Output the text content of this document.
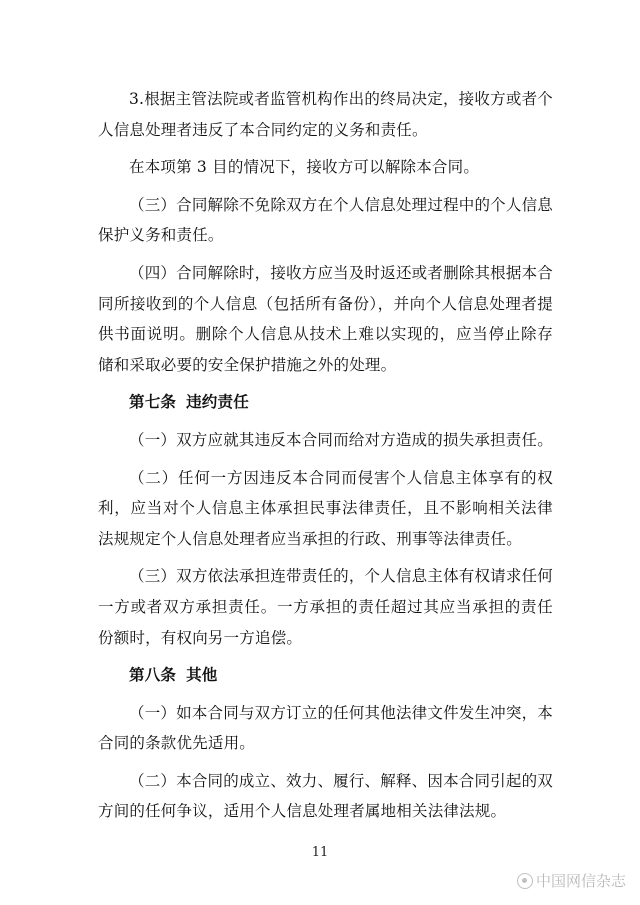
3.根据主管法院或者监管机构作出的终局决定，接收方或者个人信息处理者违反了本合同约定的义务和责任。

在本项第 3 目的情况下，接收方可以解除本合同。

（三）合同解除不免除双方在个人信息处理过程中的个人信息保护义务和责任。

（四）合同解除时，接收方应当及时返还或者删除其根据本合同所接收到的个人信息（包括所有备份），并向个人信息处理者提供书面说明。删除个人信息从技术上难以实现的，应当停止除存储和采取必要的安全保护措施之外的处理。

第七条 违约责任

（一）双方应就其违反本合同而给对方造成的损失承担责任。

（二）任何一方因违反本合同而侵害个人信息主体享有的权利，应当对个人信息主体承担民事法律责任，且不影响相关法律法规规定个人信息处理者应当承担的行政、刑事等法律责任。

（三）双方依法承担连带责任的，个人信息主体有权请求任何一方或者双方承担责任。一方承担的责任超过其应当承担的责任份额时，有权向另一方追偿。

第八条 其他

（一）如本合同与双方订立的任何其他法律文件发生冲突，本合同的条款优先适用。

（二）本合同的成立、效力、履行、解释、因本合同引起的双方间的任何争议，适用个人信息处理者属地相关法律法规。

11
中国网信杂志
